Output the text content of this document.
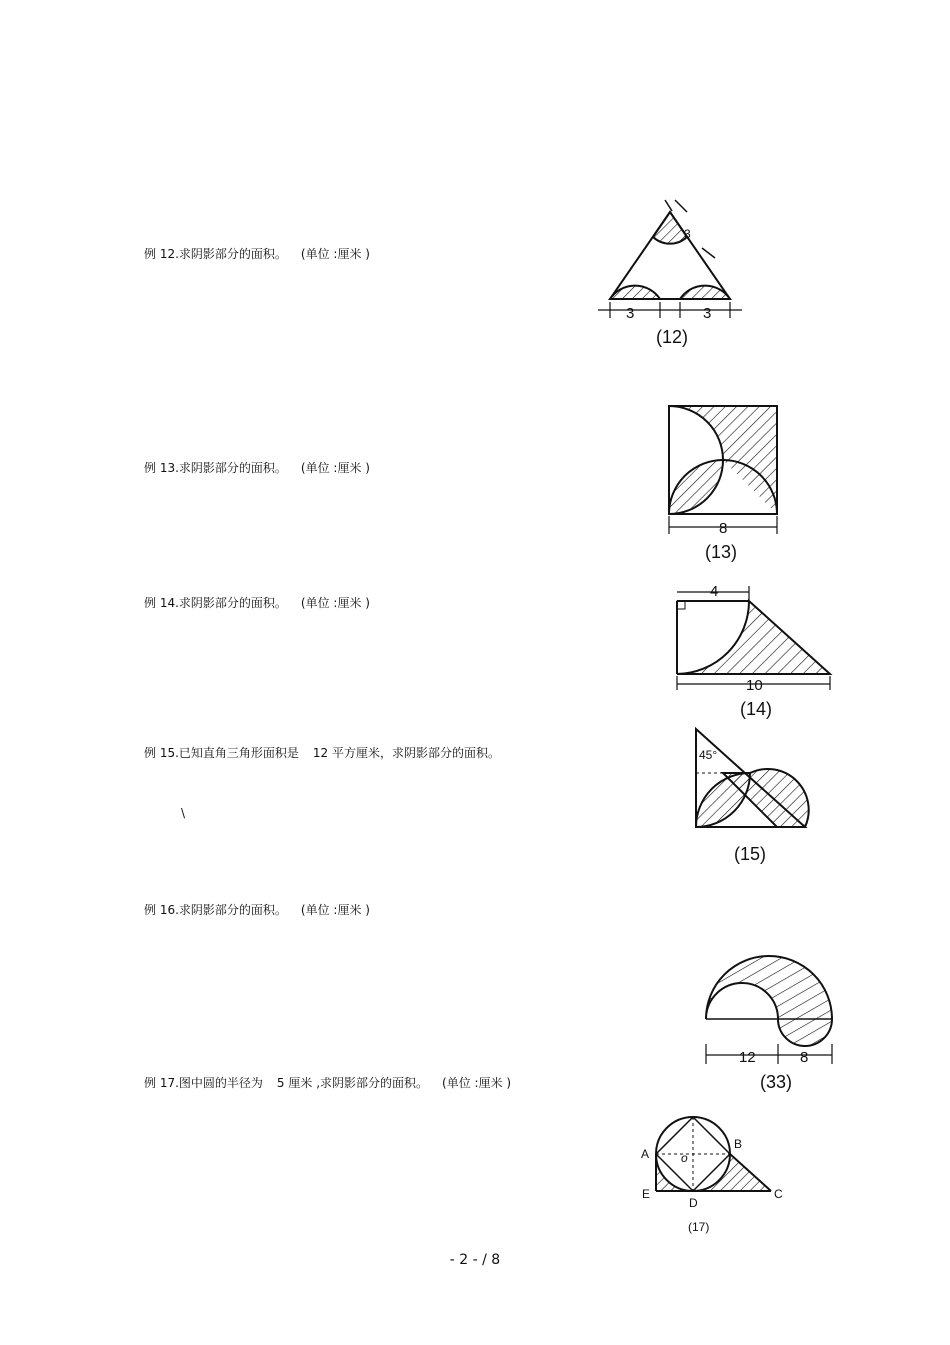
例 12.求阴影部分的面积。 (单位 :厘米 )
例 13.求阴影部分的面积。 (单位 :厘米 )
例 14.求阴影部分的面积。 (单位 :厘米 )
例 15.已知直角三角形面积是 12 平方厘米，求阴影部分的面积。
\
例 16.求阴影部分的面积。 (单位 :厘米 )
例 17.图中圆的半径为 5 厘米 ,求阴影部分的面积。 (单位 :厘米 )
3
3	3
(12)
8
(13)
4
10
(14)
45°
(15)
12	8
(33)
A
B
C
D
E
o
(17)
- 2 - / 8
